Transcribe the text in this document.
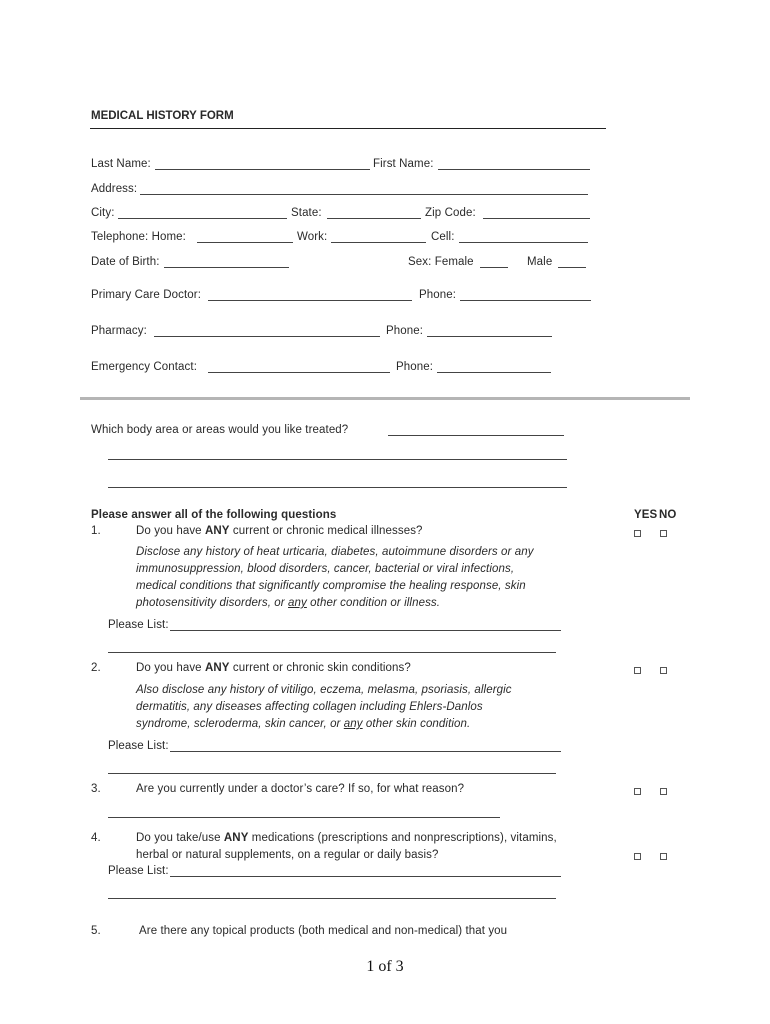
MEDICAL HISTORY FORM
Last Name:	First Name:
Address:
City:	State:	Zip Code:
Telephone: Home:	Work:	Cell:
Date of Birth:	Sex: Female	Male
Primary Care Doctor:	Phone:
Pharmacy:	Phone:
Emergency Contact:	Phone:
Which body area or areas would you like treated?
Please answer all of the following questions	YES NO
1.	Do you have ANY current or chronic medical illnesses?
Disclose any history of heat urticaria, diabetes, autoimmune disorders or any
immunosuppression, blood disorders, cancer, bacterial or viral infections,
medical conditions that significantly compromise the healing response, skin
photosensitivity disorders, or any other condition or illness.
Please List:
2.	Do you have ANY current or chronic skin conditions?
Also disclose any history of vitiligo, eczema, melasma, psoriasis, allergic
dermatitis, any diseases affecting collagen including Ehlers-Danlos
syndrome, scleroderma, skin cancer, or any other skin condition.
Please List:
3.	Are you currently under a doctor’s care? If so, for what reason?
4.	Do you take/use ANY medications (prescriptions and nonprescriptions), vitamins,
herbal or natural supplements, on a regular or daily basis?
Please List:
5.	Are there any topical products (both medical and non-medical) that you
1 of 3
